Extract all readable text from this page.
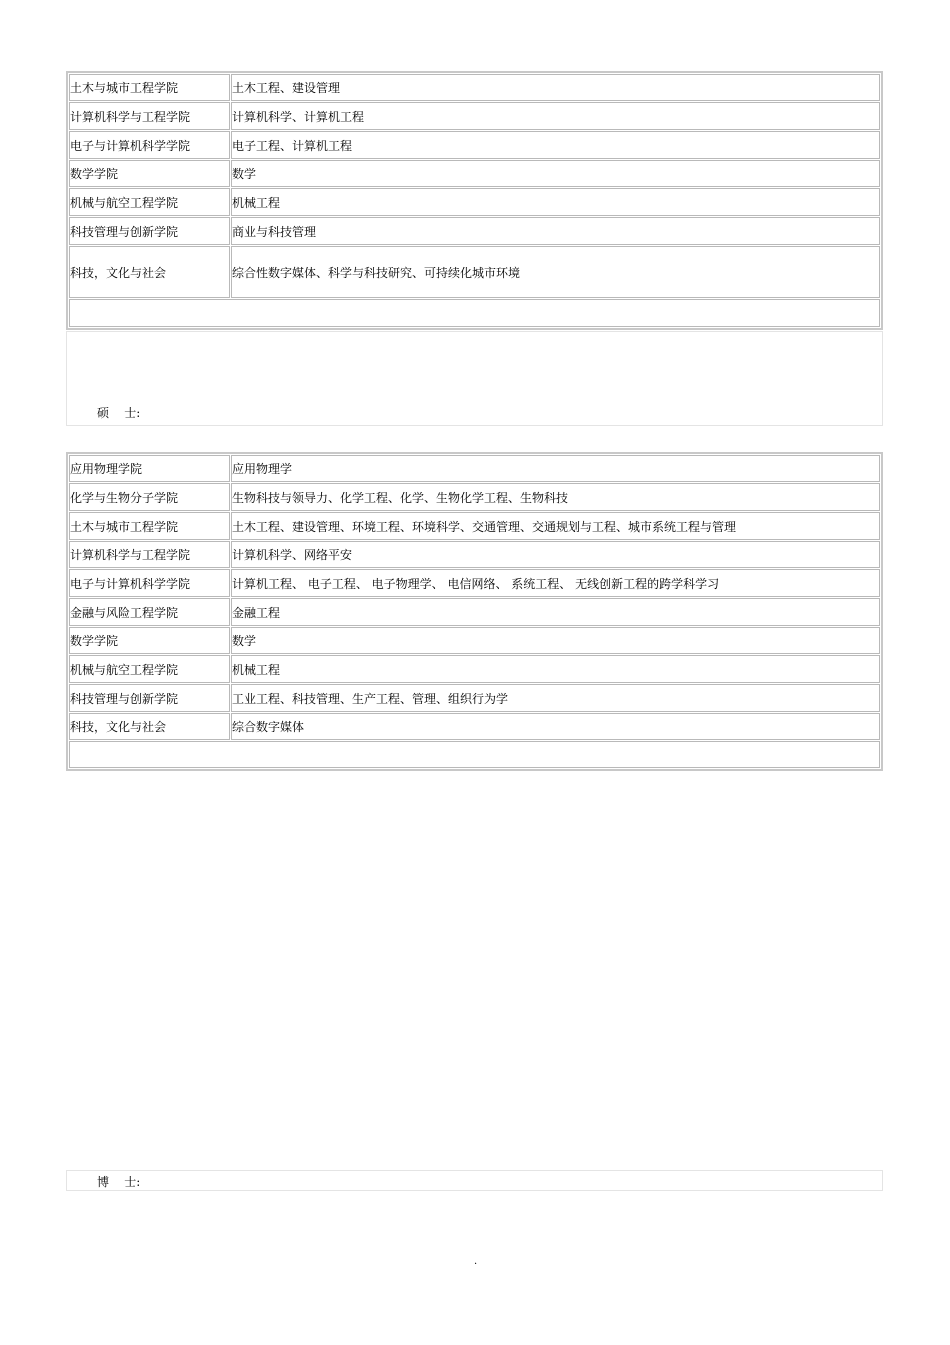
土木与城市工程学院	土木工程、建设管理
计算机科学与工程学院	计算机科学、计算机工程
电子与计算机科学学院	电子工程、计算机工程
数学学院	数学
机械与航空工程学院	机械工程
科技管理与创新学院	商业与科技管理
科技，文化与社会	综合性数字媒体、科学与科技研究、可持续化城市环境
硕    士:
应用物理学院	应用物理学
化学与生物分子学院	生物科技与领导力、化学工程、化学、生物化学工程、生物科技
土木与城市工程学院	土木工程、建设管理、环境工程、环境科学、交通管理、交通规划与工程、城市系统工程与管理
计算机科学与工程学院	计算机科学、网络平安
电子与计算机科学学院	计算机工程、 电子工程、 电子物理学、 电信网络、 系统工程、 无线创新工程的跨学科学习
金融与风险工程学院	金融工程
数学学院	数学
机械与航空工程学院	机械工程
科技管理与创新学院	工业工程、科技管理、生产工程、管理、组织行为学
科技，文化与社会	综合数字媒体
博    士:
.
